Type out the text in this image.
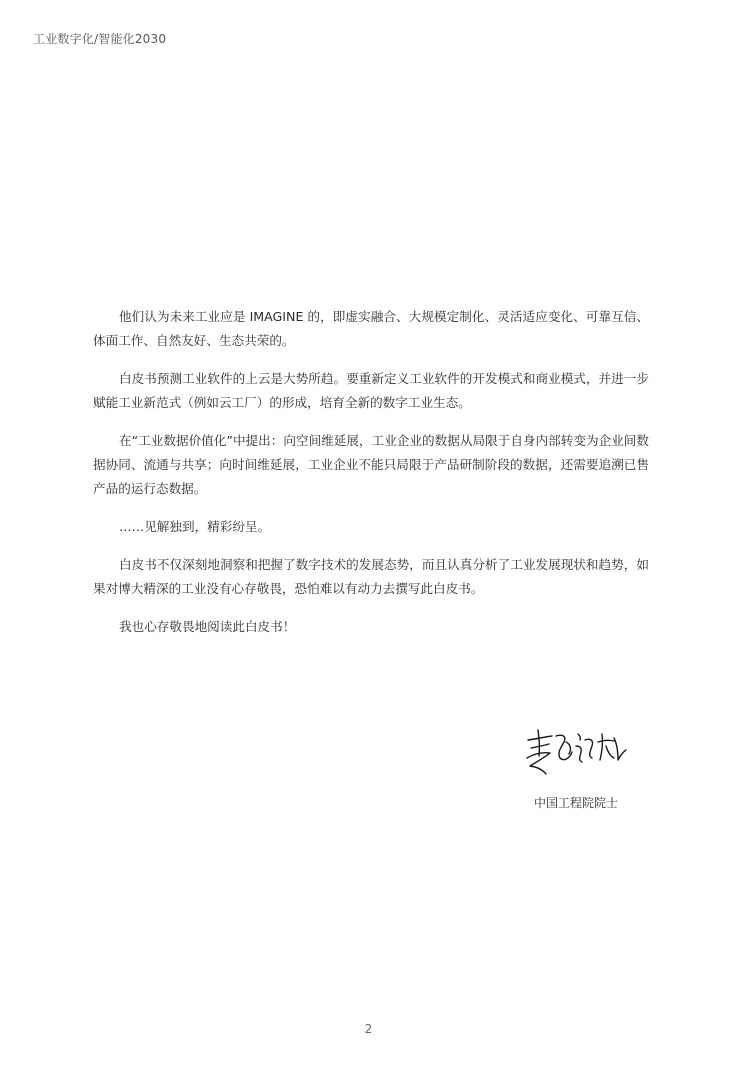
工业数字化/智能化2030

他们认为未来工业应是 IMAGINE 的，即虚实融合、大规模定制化、灵活适应变化、可靠互信、体面工作、自然友好、生态共荣的。

白皮书预测工业软件的上云是大势所趋。要重新定义工业软件的开发模式和商业模式，并进一步赋能工业新范式（例如云工厂）的形成，培育全新的数字工业生态。

在“工业数据价值化”中提出：向空间维延展，工业企业的数据从局限于自身内部转变为企业间数据协同、流通与共享；向时间维延展，工业企业不能只局限于产品研制阶段的数据，还需要追溯已售产品的运行态数据。

……见解独到，精彩纷呈。

白皮书不仅深刻地洞察和把握了数字技术的发展态势，而且认真分析了工业发展现状和趋势，如果对博大精深的工业没有心存敬畏，恐怕难以有动力去撰写此白皮书。

我也心存敬畏地阅读此白皮书！

中国工程院院士
2
